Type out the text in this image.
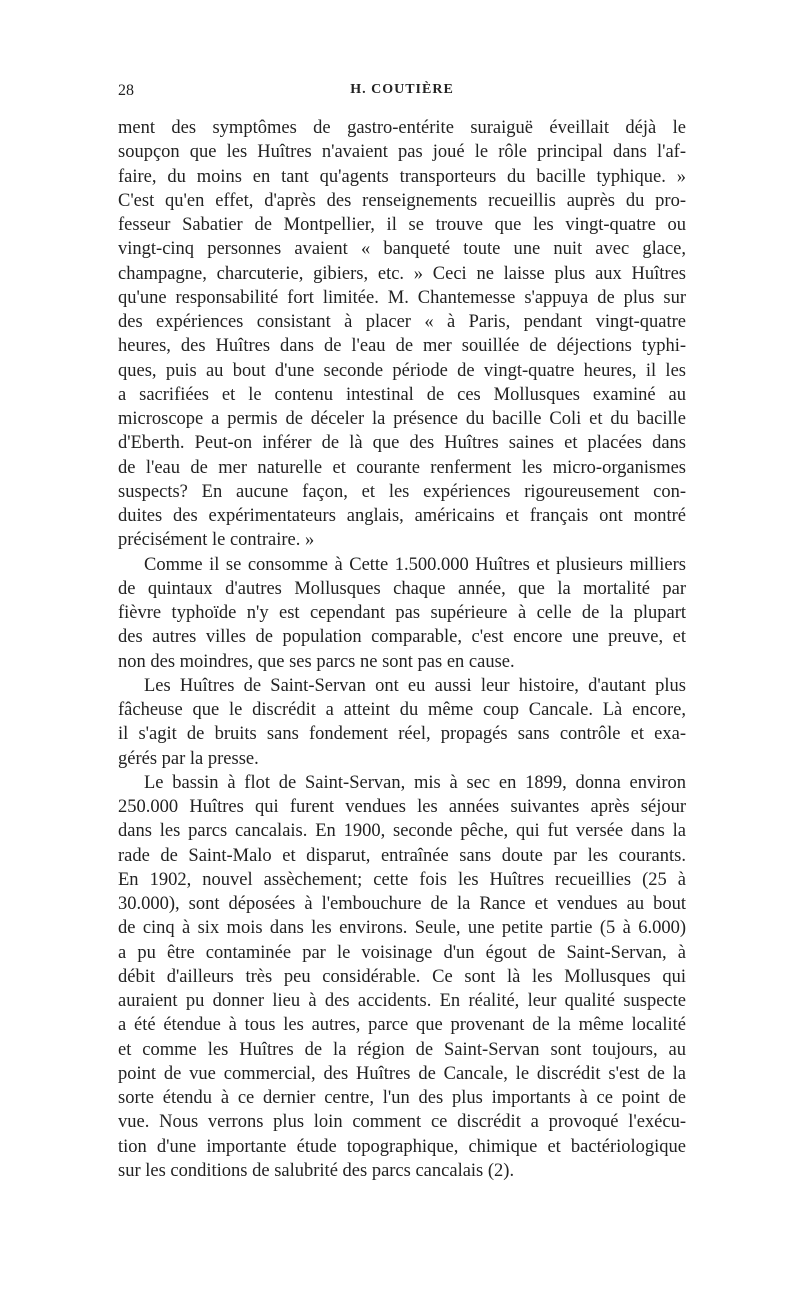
28	H. COUTIÈRE
ment des symptômes de gastro-entérite suraiguë éveillait déjà le
soupçon que les Huîtres n'avaient pas joué le rôle principal dans l'af-
faire, du moins en tant qu'agents transporteurs du bacille typhique. »
C'est qu'en effet, d'après des renseignements recueillis auprès du pro-
fesseur Sabatier de Montpellier, il se trouve que les vingt-quatre ou
vingt-cinq personnes avaient « banqueté toute une nuit avec glace,
champagne, charcuterie, gibiers, etc. » Ceci ne laisse plus aux Huîtres
qu'une responsabilité fort limitée. M. Chantemesse s'appuya de plus sur
des expériences consistant à placer « à Paris, pendant vingt-quatre
heures, des Huîtres dans de l'eau de mer souillée de déjections typhi-
ques, puis au bout d'une seconde période de vingt-quatre heures, il les
a sacrifiées et le contenu intestinal de ces Mollusques examiné au
microscope a permis de déceler la présence du bacille Coli et du bacille
d'Eberth. Peut-on inférer de là que des Huîtres saines et placées dans
de l'eau de mer naturelle et courante renferment les micro-organismes
suspects? En aucune façon, et les expériences rigoureusement con-
duites des expérimentateurs anglais, américains et français ont montré
précisément le contraire. »
Comme il se consomme à Cette 1.500.000 Huîtres et plusieurs milliers
de quintaux d'autres Mollusques chaque année, que la mortalité par
fièvre typhoïde n'y est cependant pas supérieure à celle de la plupart
des autres villes de population comparable, c'est encore une preuve, et
non des moindres, que ses parcs ne sont pas en cause.
Les Huîtres de Saint-Servan ont eu aussi leur histoire, d'autant plus
fâcheuse que le discrédit a atteint du même coup Cancale. Là encore,
il s'agit de bruits sans fondement réel, propagés sans contrôle et exa-
gérés par la presse.
Le bassin à flot de Saint-Servan, mis à sec en 1899, donna environ
250.000 Huîtres qui furent vendues les années suivantes après séjour
dans les parcs cancalais. En 1900, seconde pêche, qui fut versée dans la
rade de Saint-Malo et disparut, entraînée sans doute par les courants.
En 1902, nouvel assèchement; cette fois les Huîtres recueillies (25 à
30.000), sont déposées à l'embouchure de la Rance et vendues au bout
de cinq à six mois dans les environs. Seule, une petite partie (5 à 6.000)
a pu être contaminée par le voisinage d'un égout de Saint-Servan, à
débit d'ailleurs très peu considérable. Ce sont là les Mollusques qui
auraient pu donner lieu à des accidents. En réalité, leur qualité suspecte
a été étendue à tous les autres, parce que provenant de la même localité
et comme les Huîtres de la région de Saint-Servan sont toujours, au
point de vue commercial, des Huîtres de Cancale, le discrédit s'est de la
sorte étendu à ce dernier centre, l'un des plus importants à ce point de
vue. Nous verrons plus loin comment ce discrédit a provoqué l'exécu-
tion d'une importante étude topographique, chimique et bactériologique
sur les conditions de salubrité des parcs cancalais (2).
